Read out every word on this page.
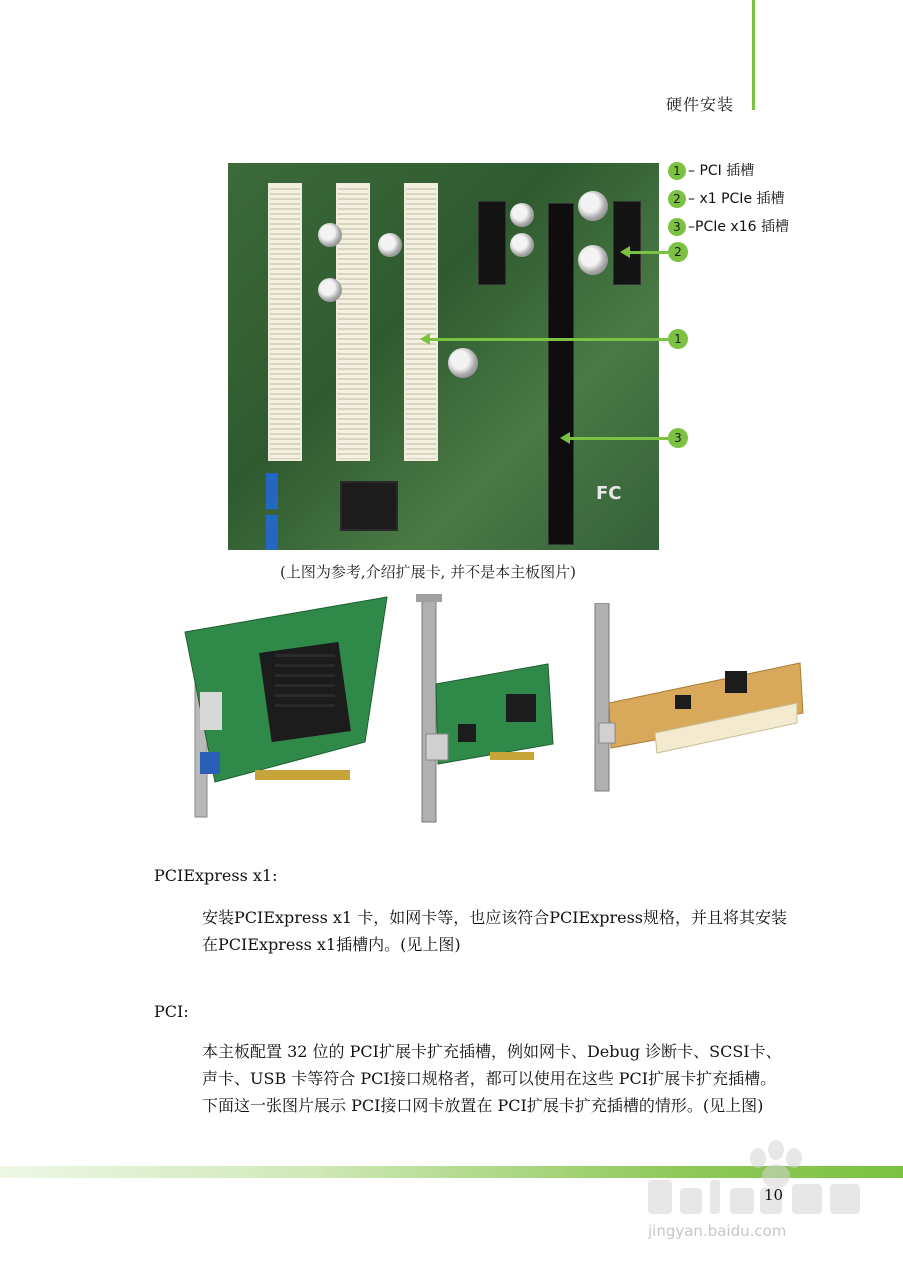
硬件安装
FC
2
1
3
1 – PCI 插槽
2 – x1 PCIe 插槽
3 –PCIe x16 插槽
(上图为参考,介绍扩展卡, 并不是本主板图片)
PCIExpress x1:

安装PCIExpress x1 卡，如网卡等，也应该符合PCIExpress规格，并且将其安装在PCIExpress x1插槽内。(见上图)

PCI:

本主板配置 32 位的 PCI扩展卡扩充插槽，例如网卡、Debug 诊断卡、SCSI卡、声卡、USB 卡等符合 PCI接口规格者，都可以使用在这些 PCI扩展卡扩充插槽。下面这一张图片展示 PCI接口网卡放置在 PCI扩展卡扩充插槽的情形。(见上图)

10
jingyan.baidu.com
